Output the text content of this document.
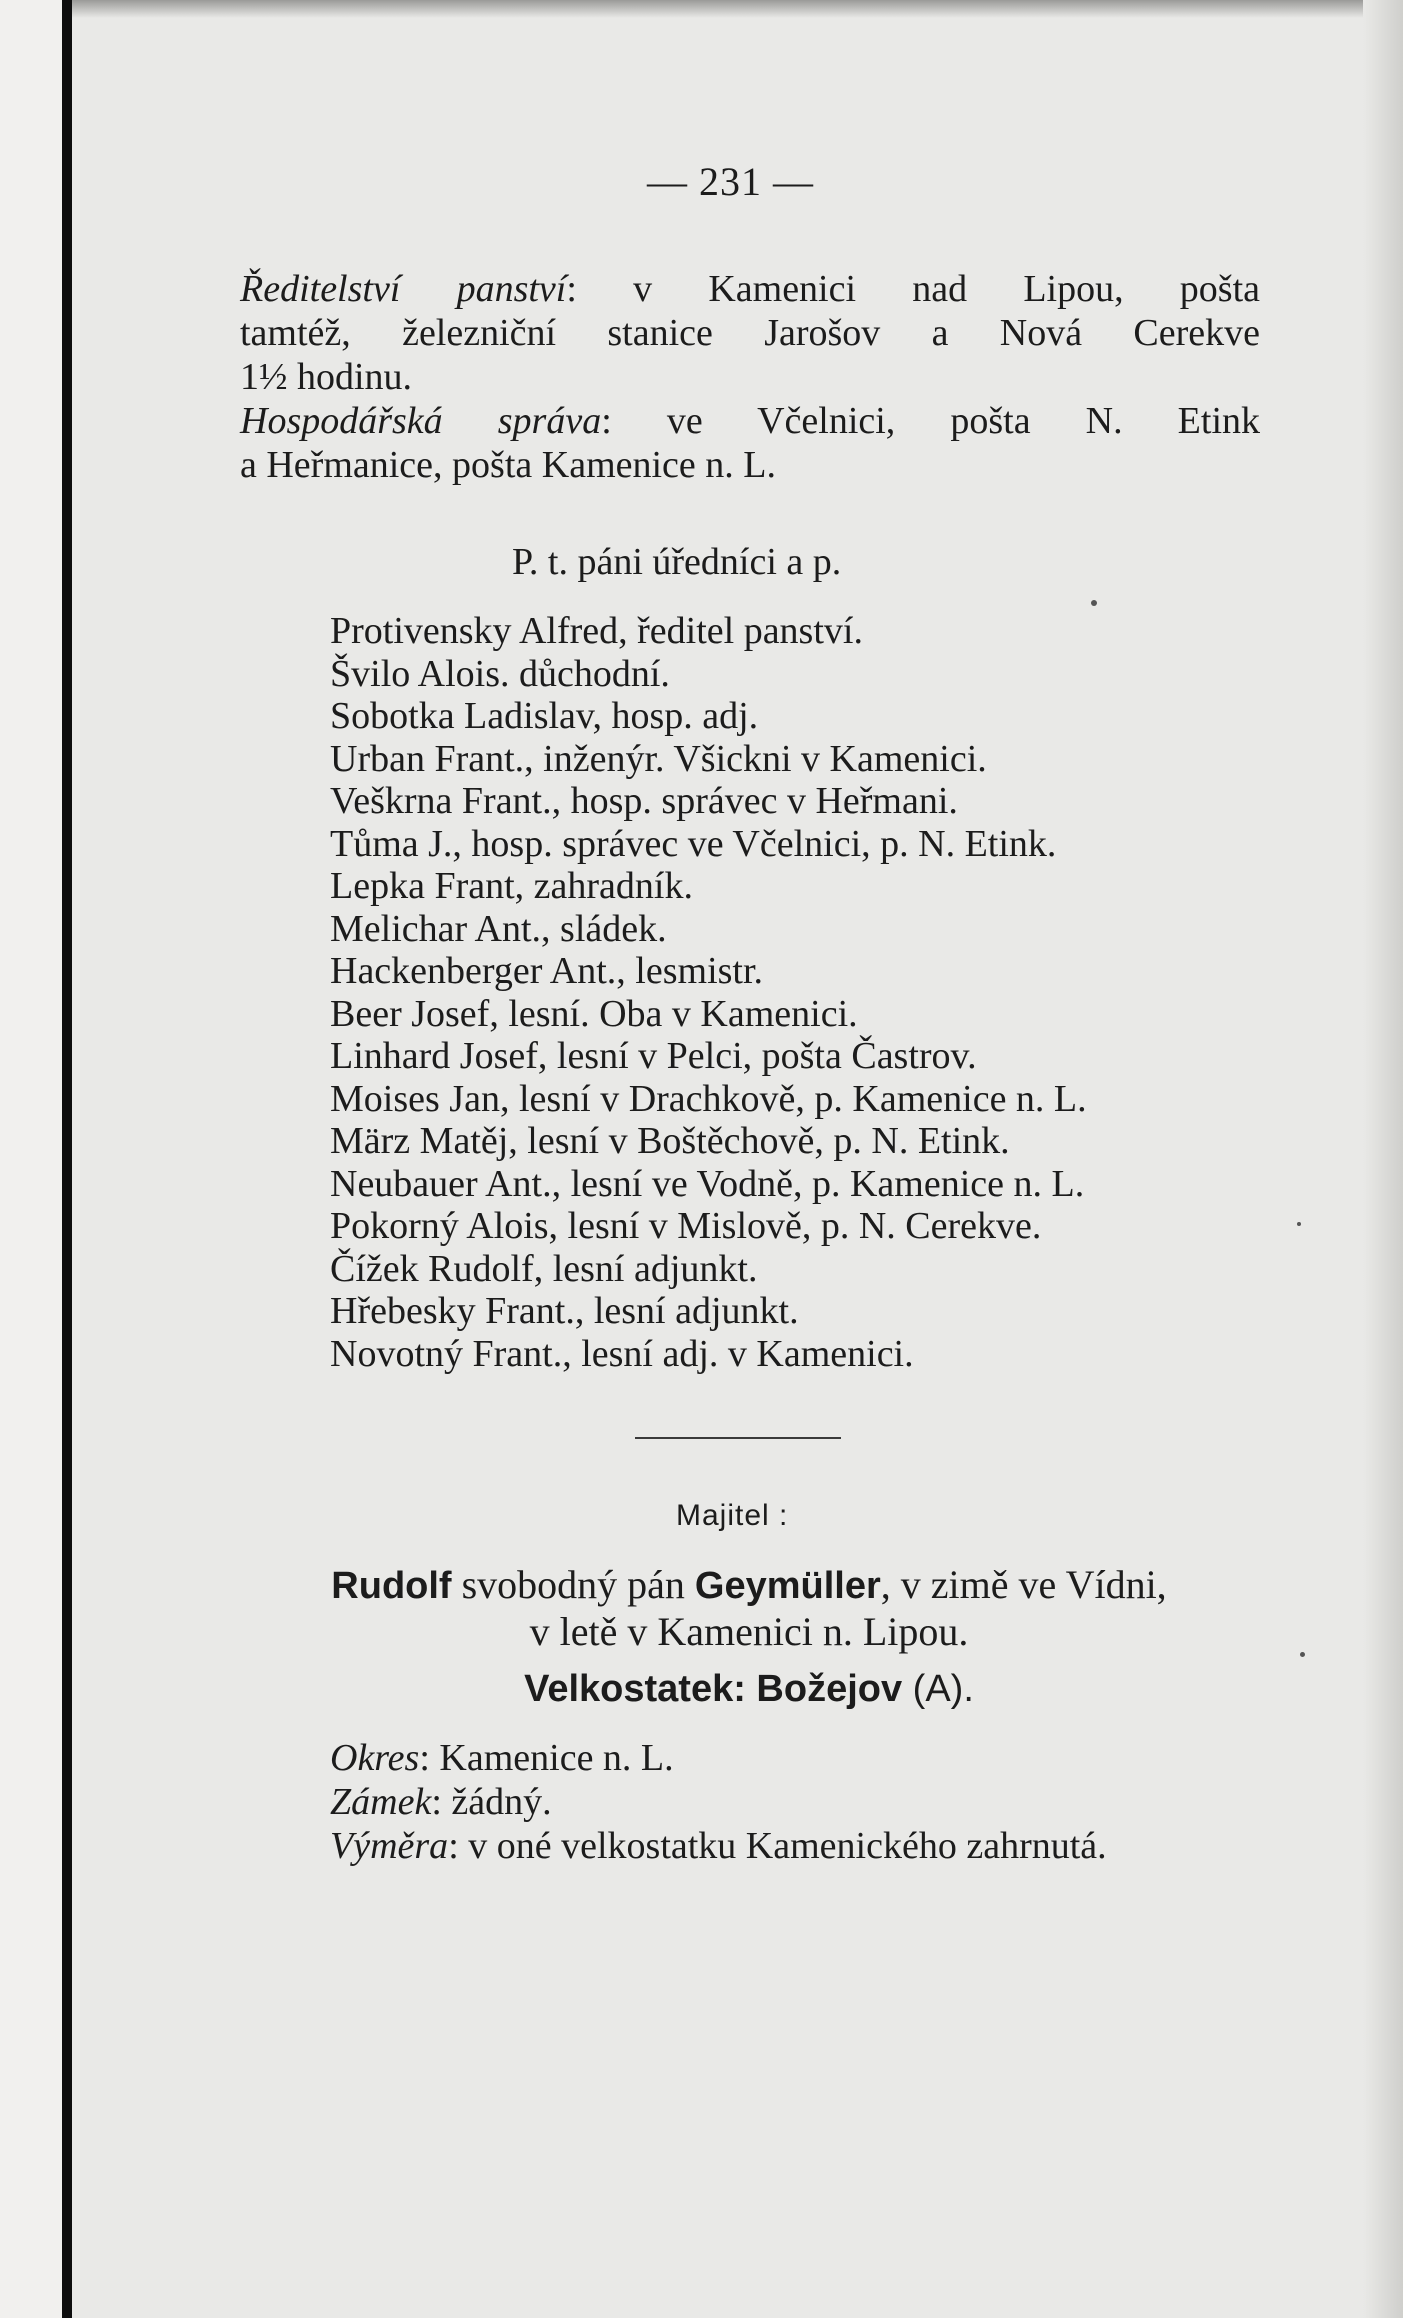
— 231 —
Ředitelství panství: v Kamenici nad Lipou, pošta
tamtéž, železniční stanice Jarošov a Nová Cerekve
1½ hodinu.
Hospodářská správa: ve Včelnici, pošta N. Etink
a Heřmanice, pošta Kamenice n. L.
P. t. páni úředníci a p.
Protivensky Alfred, ředitel panství.
Švilo Alois. důchodní.
Sobotka Ladislav, hosp. adj.
Urban Frant., inženýr. Všickni v Kamenici.
Veškrna Frant., hosp. správec v Heřmani.
Tůma J., hosp. správec ve Včelnici, p. N. Etink.
Lepka Frant, zahradník.
Melichar Ant., sládek.
Hackenberger Ant., lesmistr.
Beer Josef, lesní. Oba v Kamenici.
Linhard Josef, lesní v Pelci, pošta Častrov.
Moises Jan, lesní v Drachkově, p. Kamenice n. L.
März Matěj, lesní v Boštěchově, p. N. Etink.
Neubauer Ant., lesní ve Vodně, p. Kamenice n. L.
Pokorný Alois, lesní v Mislově, p. N. Cerekve.
Čížek Rudolf, lesní adjunkt.
Hřebesky Frant., lesní adjunkt.
Novotný Frant., lesní adj. v Kamenici.
Majitel :
Rudolf svobodný pán Geymüller, v zimě ve Vídni,
v letě v Kamenici n. Lipou.
Velkostatek: Božejov (A).
Okres: Kamenice n. L.
Zámek: žádný.
Výměra: v oné velkostatku Kamenického zahrnutá.
